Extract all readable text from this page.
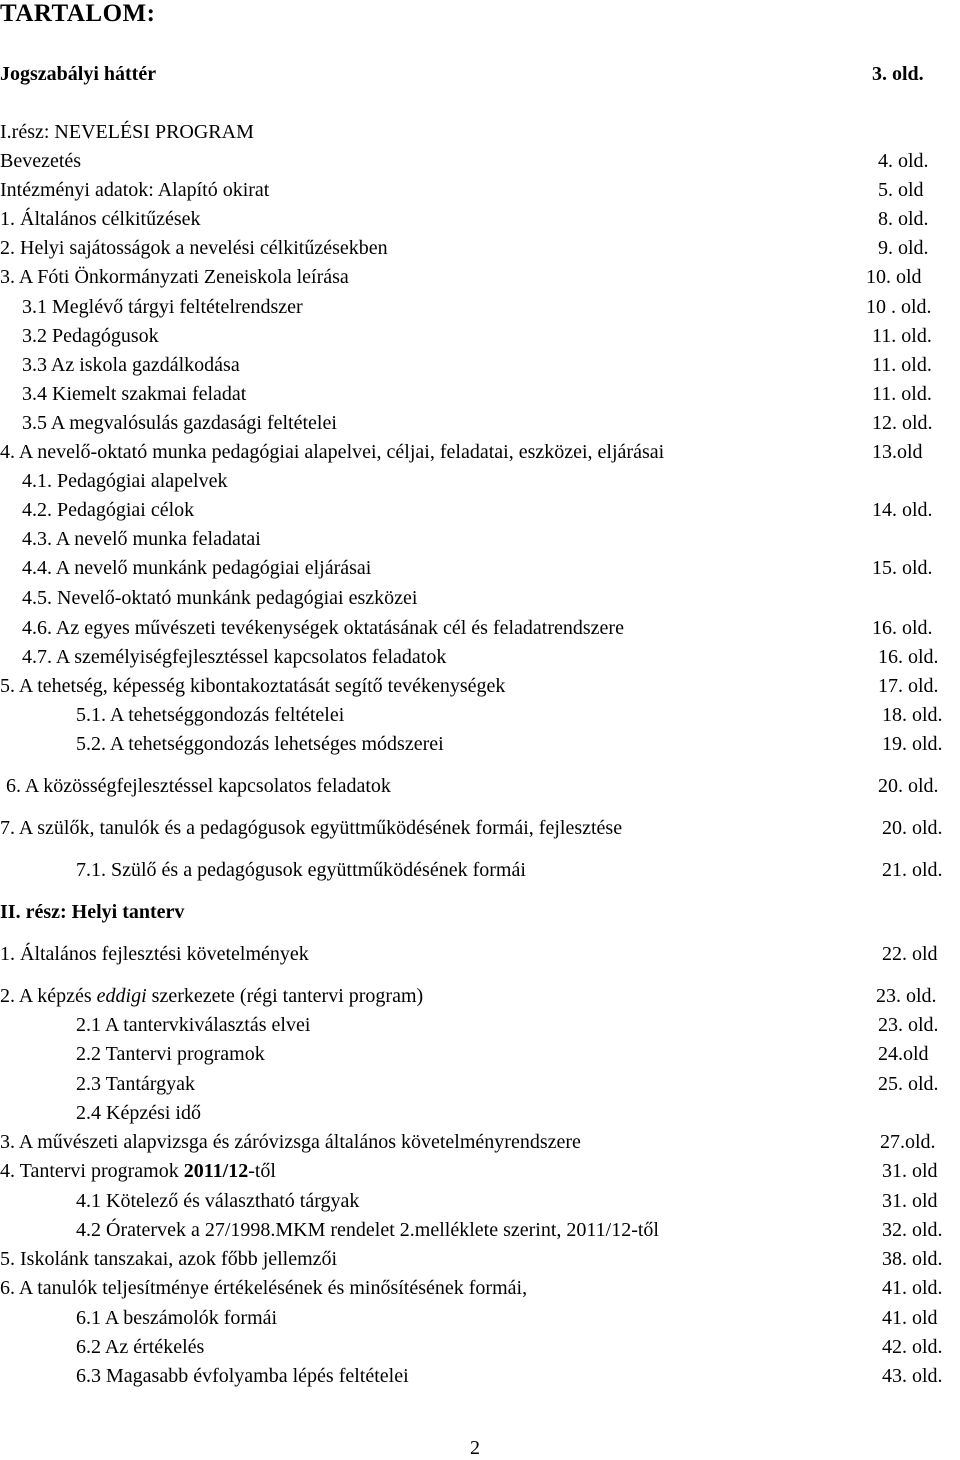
TARTALOM:
Jogszabályi háttér	3. old.
I.rész: NEVELÉSI PROGRAM
Bevezetés	4. old.
Intézményi adatok: Alapító okirat	5. old
1. Általános célkitűzések	8. old.
2. Helyi sajátosságok a nevelési célkitűzésekben	9. old.
3. A Fóti Önkormányzati Zeneiskola leírása	10. old
3.1 Meglévő tárgyi feltételrendszer	10 . old.
3.2 Pedagógusok	11. old.
3.3 Az iskola gazdálkodása	11. old.
3.4 Kiemelt szakmai feladat	11. old.
3.5 A megvalósulás gazdasági feltételei	12. old.
4. A nevelő-oktató munka pedagógiai alapelvei, céljai, feladatai, eszközei, eljárásai	13.old
4.1. Pedagógiai alapelvek
4.2. Pedagógiai célok	14. old.
4.3. A nevelő munka feladatai
4.4. A nevelő munkánk pedagógiai eljárásai	15. old.
4.5. Nevelő-oktató munkánk pedagógiai eszközei
4.6. Az egyes művészeti tevékenységek oktatásának cél és feladatrendszere	16. old.
4.7. A személyiségfejlesztéssel kapcsolatos feladatok	16. old.
5. A tehetség, képesség kibontakoztatását segítő tevékenységek	17. old.
5.1. A tehetséggondozás feltételei	18. old.
5.2. A tehetséggondozás lehetséges módszerei	19. old.
6. A közösségfejlesztéssel kapcsolatos feladatok	20. old.
7. A szülők, tanulók és a pedagógusok együttműködésének formái, fejlesztése	20. old.
7.1. Szülő és a pedagógusok együttműködésének formái	21. old.
II. rész: Helyi tanterv
1. Általános fejlesztési követelmények	22. old
2. A képzés eddigi szerkezete (régi tantervi program)	23. old.
2.1 A tantervkiválasztás elvei	23. old.
2.2 Tantervi programok	24.old
2.3 Tantárgyak	25. old.
2.4 Képzési idő
3. A művészeti alapvizsga és záróvizsga általános követelményrendszere	27.old.
4. Tantervi programok 2011/12-től	31. old
4.1 Kötelező és választható tárgyak	31. old
4.2 Óratervek a 27/1998.MKM rendelet 2.melléklete szerint, 2011/12-től	32. old.
5. Iskolánk tanszakai, azok főbb jellemzői	38. old.
6. A tanulók teljesítménye értékelésének és minősítésének formái,	41. old.
6.1 A beszámolók formái	41. old
6.2 Az értékelés	42. old.
6.3 Magasabb évfolyamba lépés feltételei	43. old.
2
